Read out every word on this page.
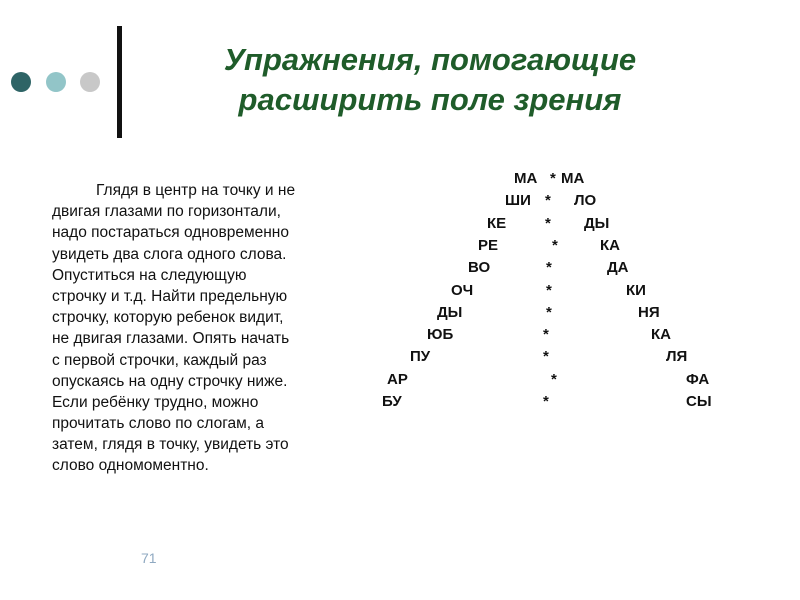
Упражнения, помогающие
расширить поле зрения
Глядя в центр на точку и не
двигая глазами по горизонтали,
надо постараться одновременно
увидеть два слога одного слова.
Опуститься на следующую
строчку и т.д. Найти предельную
строчку, которую ребенок видит,
не двигая глазами. Опять начать
с первой строчки, каждый раз
опускаясь на одну строчку ниже.
Если ребёнку трудно, можно
прочитать слово по слогам, а
затем, глядя в точку, увидеть это
слово одномоментно.
МА * МА
ШИ * ЛО
КЕ	* ДЫ
РЕ	*	КА
ВО	*	ДА
ОЧ	*	КИ
ДЫ	*	НЯ
ЮБ	*	КА
ПУ	*	ЛЯ
АР	*	ФА
БУ	*	СЫ
71
